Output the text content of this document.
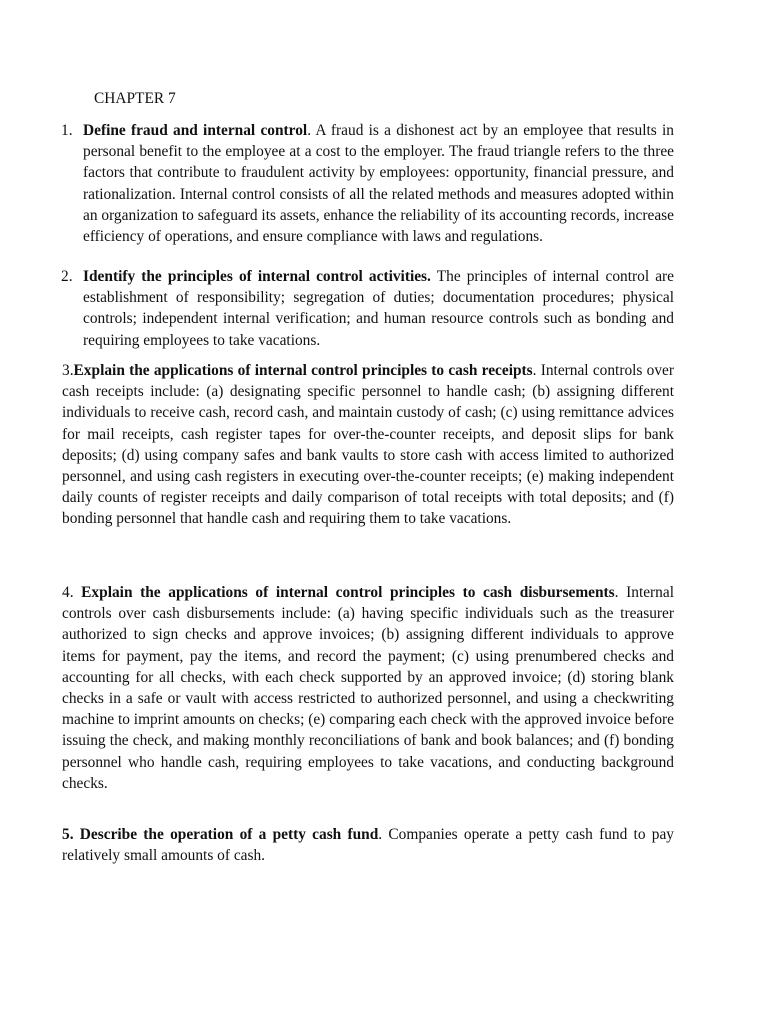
CHAPTER 7
1. Define fraud and internal control. A fraud is a dishonest act by an employee that results in personal benefit to the employee at a cost to the employer. The fraud triangle refers to the three factors that contribute to fraudulent activity by employees: opportunity, financial pressure, and rationalization. Internal control consists of all the related methods and measures adopted within an organization to safeguard its assets, enhance the reliability of its accounting records, increase efficiency of operations, and ensure compliance with laws and regulations.
2. Identify the principles of internal control activities. The principles of internal control are establishment of responsibility; segregation of duties; documentation procedures; physical controls; independent internal verification; and human resource controls such as bonding and requiring employees to take vacations.
3.Explain the applications of internal control principles to cash receipts. Internal controls over cash receipts include: (a) designating specific personnel to handle cash; (b) assigning different individuals to receive cash, record cash, and maintain custody of cash; (c) using remittance advices for mail receipts, cash register tapes for over-the-counter receipts, and deposit slips for bank deposits; (d) using company safes and bank vaults to store cash with access limited to authorized personnel, and using cash registers in executing over-the-counter receipts; (e) making independent daily counts of register receipts and daily comparison of total receipts with total deposits; and (f) bonding personnel that handle cash and requiring them to take vacations.
4. Explain the applications of internal control principles to cash disbursements. Internal controls over cash disbursements include: (a) having specific individuals such as the treasurer authorized to sign checks and approve invoices; (b) assigning different individuals to approve items for payment, pay the items, and record the payment; (c) using prenumbered checks and accounting for all checks, with each check supported by an approved invoice; (d) storing blank checks in a safe or vault with access restricted to authorized personnel, and using a checkwriting machine to imprint amounts on checks; (e) comparing each check with the approved invoice before issuing the check, and making monthly reconciliations of bank and book balances; and (f) bonding personnel who handle cash, requiring employees to take vacations, and conducting background checks.
5. Describe the operation of a petty cash fund. Companies operate a petty cash fund to pay relatively small amounts of cash.
